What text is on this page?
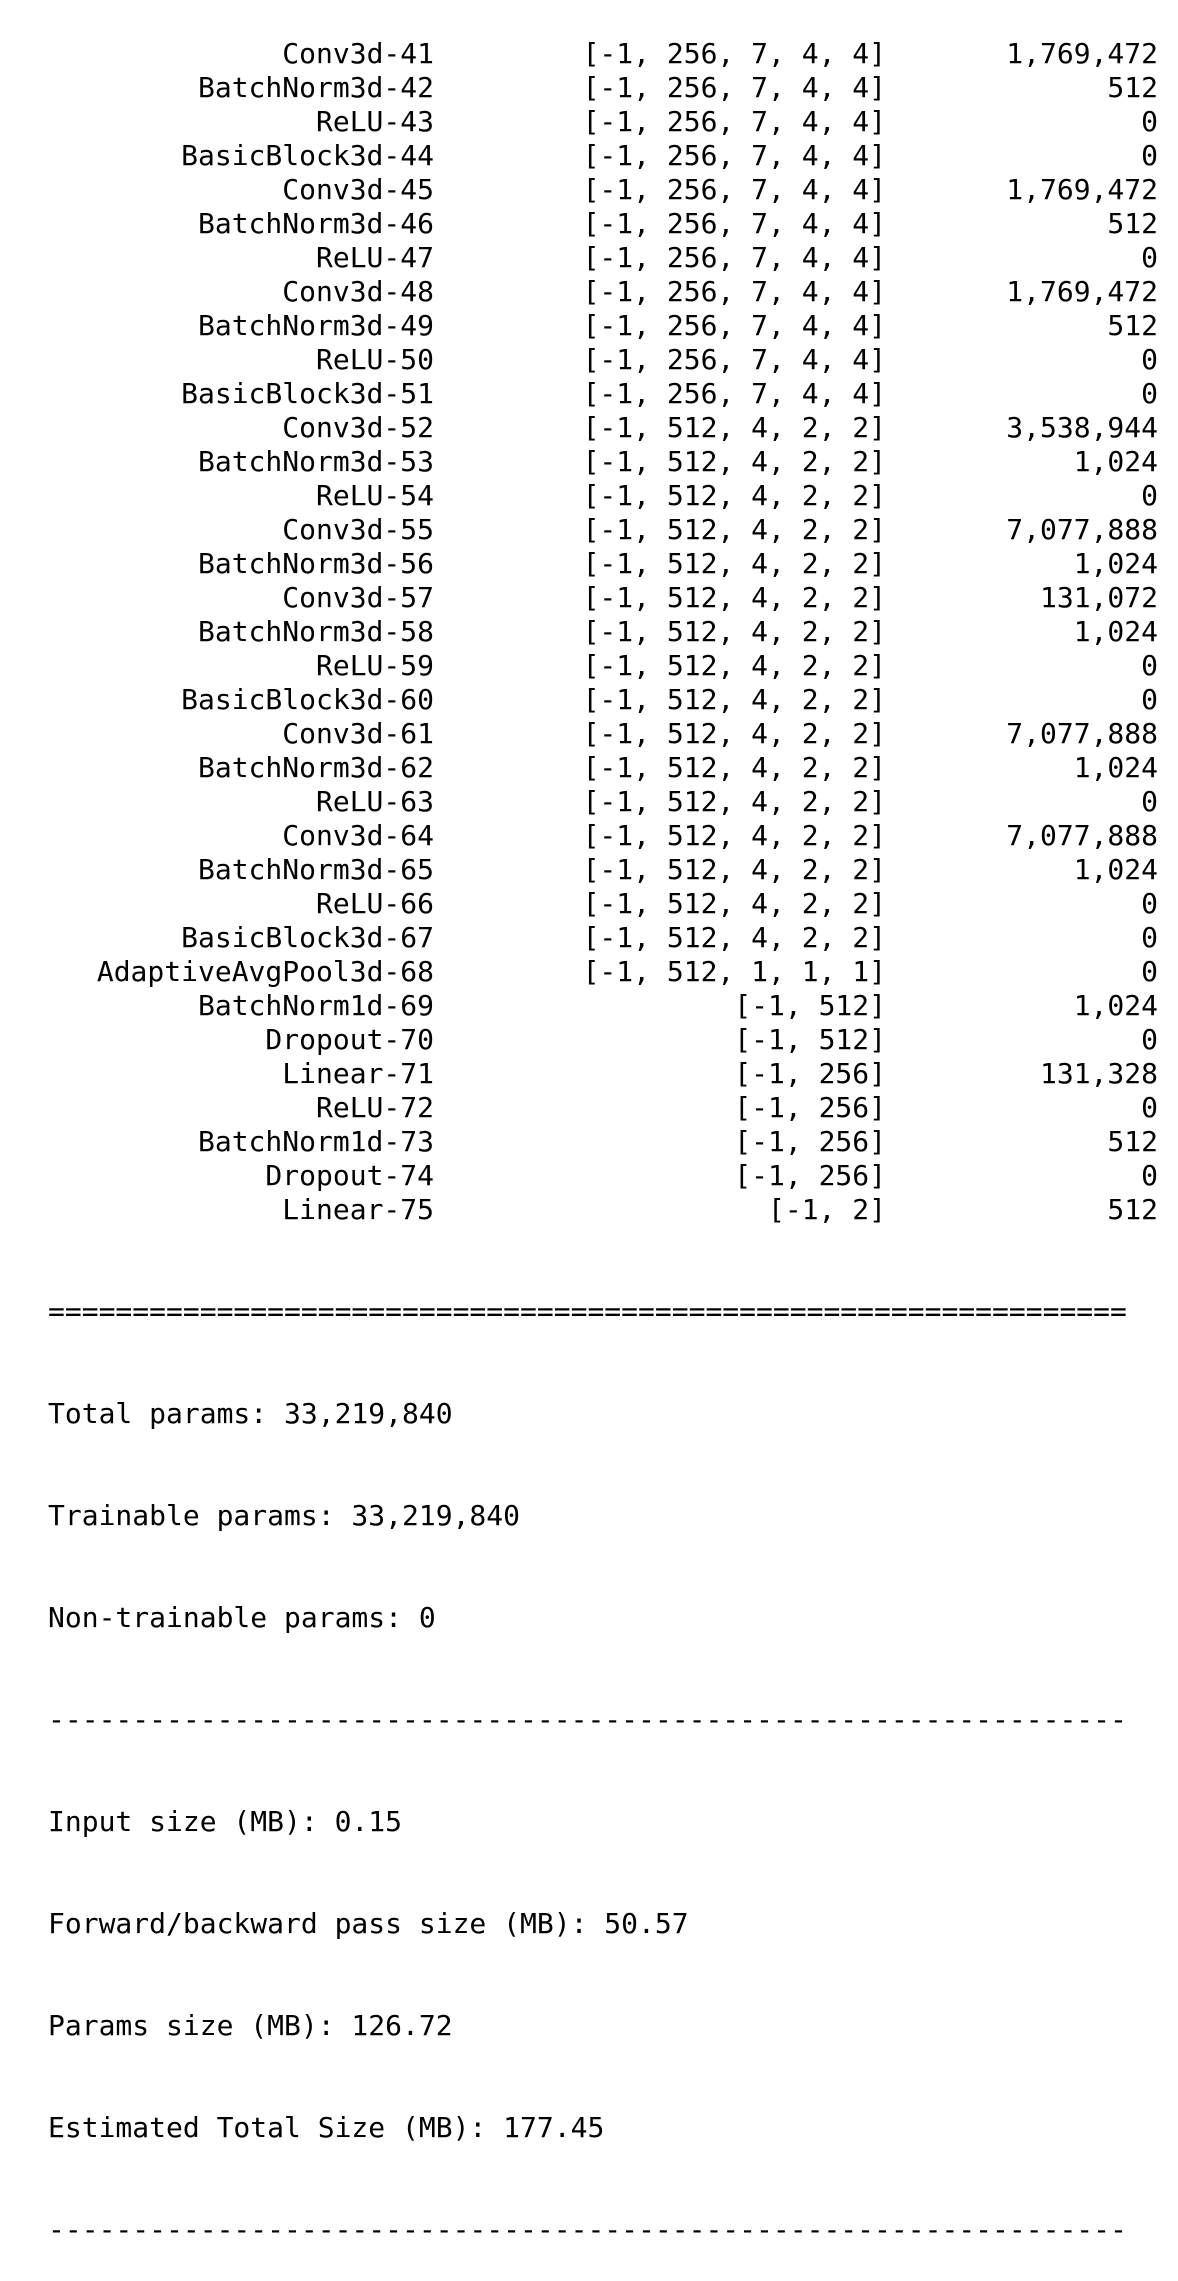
Conv3d-41	[-1, 256, 7, 4, 4]	1,769,472
BatchNorm3d-42	[-1, 256, 7, 4, 4]	512
ReLU-43	[-1, 256, 7, 4, 4]	0
BasicBlock3d-44	[-1, 256, 7, 4, 4]	0
Conv3d-45	[-1, 256, 7, 4, 4]	1,769,472
BatchNorm3d-46	[-1, 256, 7, 4, 4]	512
ReLU-47	[-1, 256, 7, 4, 4]	0
Conv3d-48	[-1, 256, 7, 4, 4]	1,769,472
BatchNorm3d-49	[-1, 256, 7, 4, 4]	512
ReLU-50	[-1, 256, 7, 4, 4]	0
BasicBlock3d-51	[-1, 256, 7, 4, 4]	0
Conv3d-52	[-1, 512, 4, 2, 2]	3,538,944
BatchNorm3d-53	[-1, 512, 4, 2, 2]	1,024
ReLU-54	[-1, 512, 4, 2, 2]	0
Conv3d-55	[-1, 512, 4, 2, 2]	7,077,888
BatchNorm3d-56	[-1, 512, 4, 2, 2]	1,024
Conv3d-57	[-1, 512, 4, 2, 2]	131,072
BatchNorm3d-58	[-1, 512, 4, 2, 2]	1,024
ReLU-59	[-1, 512, 4, 2, 2]	0
BasicBlock3d-60	[-1, 512, 4, 2, 2]	0
Conv3d-61	[-1, 512, 4, 2, 2]	7,077,888
BatchNorm3d-62	[-1, 512, 4, 2, 2]	1,024
ReLU-63	[-1, 512, 4, 2, 2]	0
Conv3d-64	[-1, 512, 4, 2, 2]	7,077,888
BatchNorm3d-65	[-1, 512, 4, 2, 2]	1,024
ReLU-66	[-1, 512, 4, 2, 2]	0
BasicBlock3d-67	[-1, 512, 4, 2, 2]	0
AdaptiveAvgPool3d-68	[-1, 512, 1, 1, 1]	0
BatchNorm1d-69	[-1, 512]	1,024
Dropout-70	[-1, 512]	0
Linear-71	[-1, 256]	131,328
ReLU-72	[-1, 256]	0
BatchNorm1d-73	[-1, 256]	512
Dropout-74	[-1, 256]	0
Linear-75	[-1, 2]	512

================================================================

Total params: 33,219,840

Trainable params: 33,219,840

Non-trainable params: 0

----------------------------------------------------------------

Input size (MB): 0.15

Forward/backward pass size (MB): 50.57

Params size (MB): 126.72

Estimated Total Size (MB): 177.45

----------------------------------------------------------------
